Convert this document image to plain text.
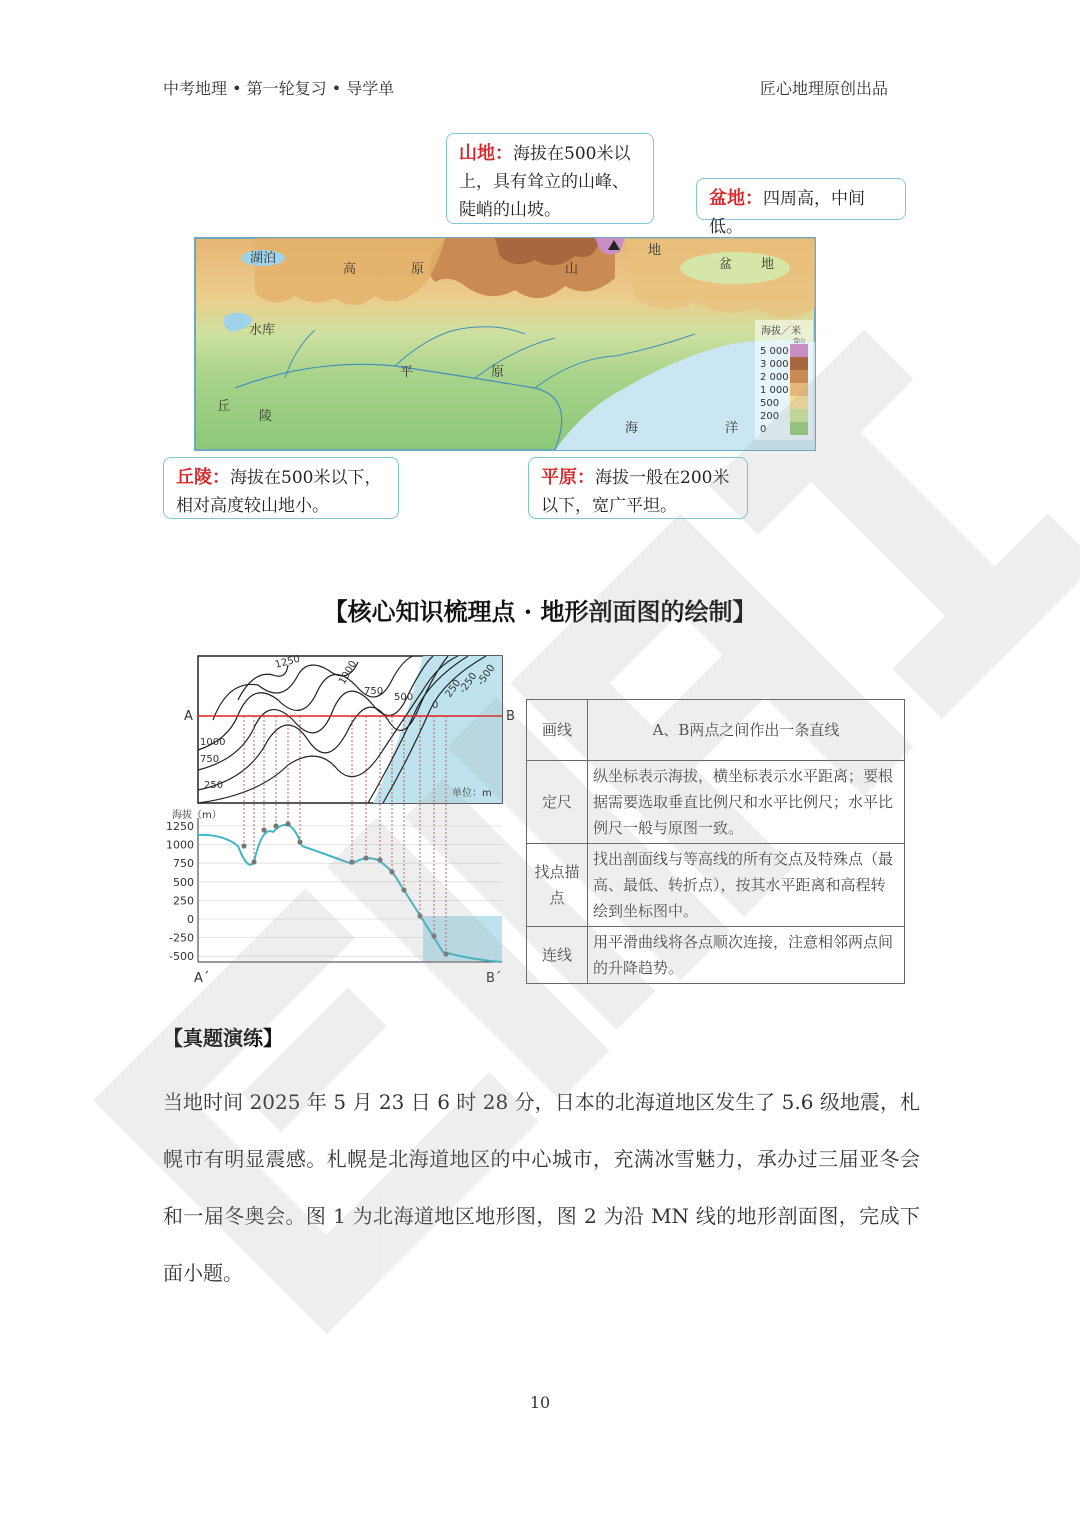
中考地理 • 第一轮复习 • 导学单	匠心地理原创出品
湖泊
高	原	山
地
盆 地
水库
平	原
丘
陵
海	洋
海拔／米
5 000
3 000
2 000
1 000
500
200
0
雪山
山地：海拔在500米以上，具有耸立的山峰、陡峭的山坡。
盆地：四周高，中间低。
丘陵：海拔在500米以下，相对高度较山地小。
平原：海拔一般在200米以下，宽广平坦。
【核心知识梳理点 · 地形剖面图的绘制】
A	B
1250	1000
750
500	250
0
-250
-500
1000
750
250
单位：m
海拔（m）
1250
1000
750
500
250
0
-250
-500
A´	B´
画线	A、B两点之间作出一条直线
定尺	纵坐标表示海拔，横坐标表示水平距离；要根据需要选取垂直比例尺和水平比例尺；水平比例尺一般与原图一致。
找点描点	找出剖面线与等高线的所有交点及特殊点（最高、最低、转折点），按其水平距离和高程转绘到坐标图中。
连线	用平滑曲线将各点顺次连接，注意相邻两点间的升降趋势。
【真题演练】
当地时间 2025 年 5 月 23 日 6 时 28 分，日本的北海道地区发生了 5.6 级地震，札幌市有明显震感。札幌是北海道地区的中心城市，充满冰雪魅力，承办过三届亚冬会和一届冬奥会。图 1 为北海道地区地形图，图 2 为沿 MN 线的地形剖面图，完成下面小题。
10
